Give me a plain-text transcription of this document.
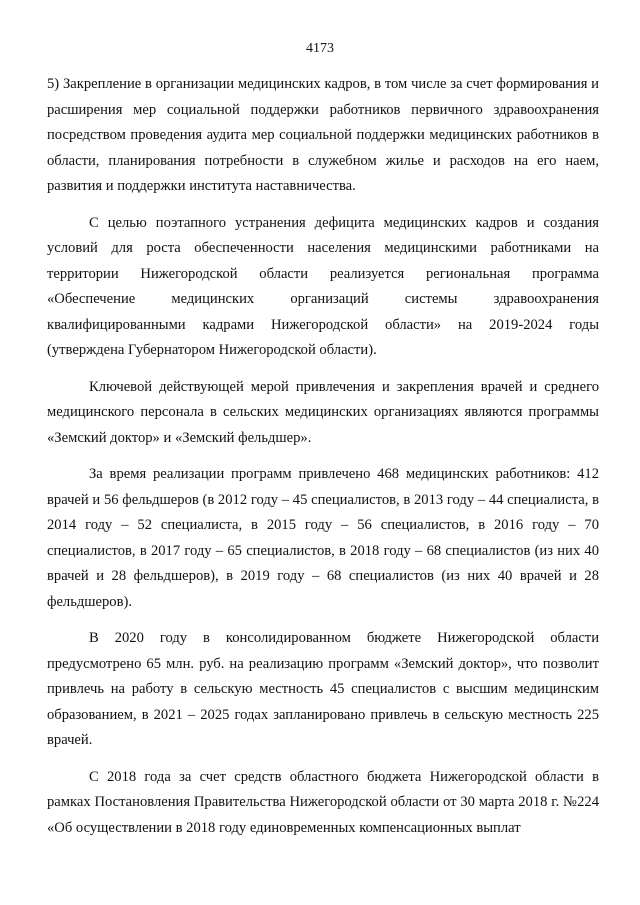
4173

5) Закрепление в организации медицинских кадров, в том числе за счет формирования и расширения мер социальной поддержки работников первичного здравоохранения посредством проведения аудита мер социальной поддержки медицинских работников в области, планирования потребности в служебном жилье и расходов на его наем, развития и поддержки института наставничества.

С целью поэтапного устранения дефицита медицинских кадров и создания условий для роста обеспеченности населения медицинскими работниками на территории Нижегородской области реализуется региональная программа «Обеспечение медицинских организаций системы здравоохранения квалифицированными кадрами Нижегородской области» на 2019-2024 годы (утверждена Губернатором Нижегородской области).

Ключевой действующей мерой привлечения и закрепления врачей и среднего медицинского персонала в сельских медицинских организациях являются программы «Земский доктор» и «Земский фельдшер».

За время реализации программ привлечено 468 медицинских работников: 412 врачей и 56 фельдшеров (в 2012 году – 45 специалистов, в 2013 году – 44 специалиста, в 2014 году – 52 специалиста, в 2015 году – 56 специалистов, в 2016 году – 70 специалистов, в 2017 году – 65 специалистов, в 2018 году – 68 специалистов (из них 40 врачей и 28 фельдшеров), в 2019 году – 68 специалистов (из них 40 врачей и 28 фельдшеров).

В 2020 году в консолидированном бюджете Нижегородской области предусмотрено 65 млн. руб. на реализацию программ «Земский доктор», что позволит привлечь на работу в сельскую местность 45 специалистов с высшим медицинским образованием, в 2021 – 2025 годах запланировано привлечь в сельскую местность 225 врачей.

С 2018 года за счет средств областного бюджета Нижегородской области в рамках Постановления Правительства Нижегородской области от 30 марта 2018 г. №224 «Об осуществлении в 2018 году единовременных компенсационных выплат
